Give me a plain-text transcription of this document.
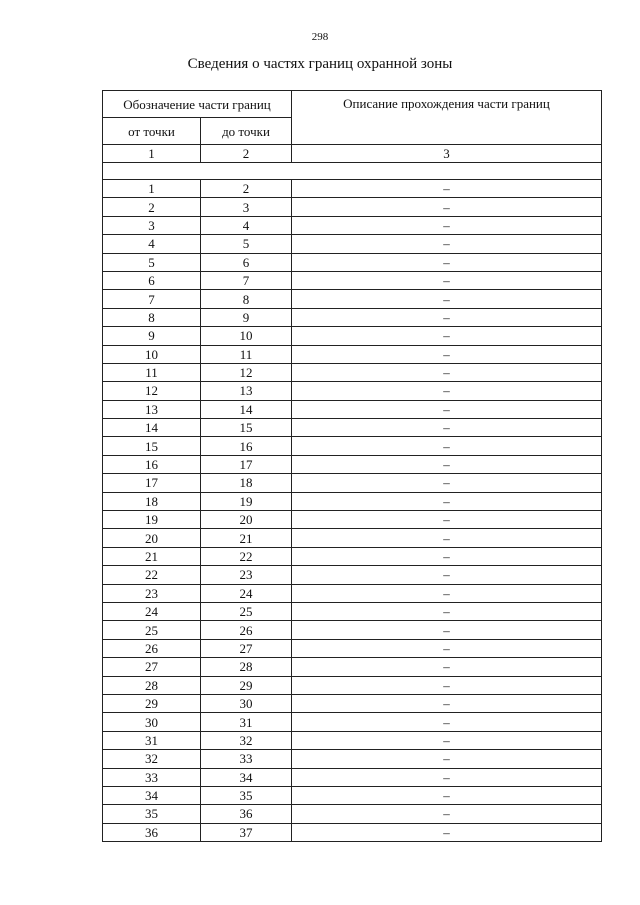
298
Сведения о частях границ охранной зоны
Обозначение части границ		Описание прохождения части границ
от точки	до точки	
1	2	3

1	2	–
2	3	–
3	4	–
4	5	–
5	6	–
6	7	–
7	8	–
8	9	–
9	10	–
10	11	–
11	12	–
12	13	–
13	14	–
14	15	–
15	16	–
16	17	–
17	18	–
18	19	–
19	20	–
20	21	–
21	22	–
22	23	–
23	24	–
24	25	–
25	26	–
26	27	–
27	28	–
28	29	–
29	30	–
30	31	–
31	32	–
32	33	–
33	34	–
34	35	–
35	36	–
36	37	–
